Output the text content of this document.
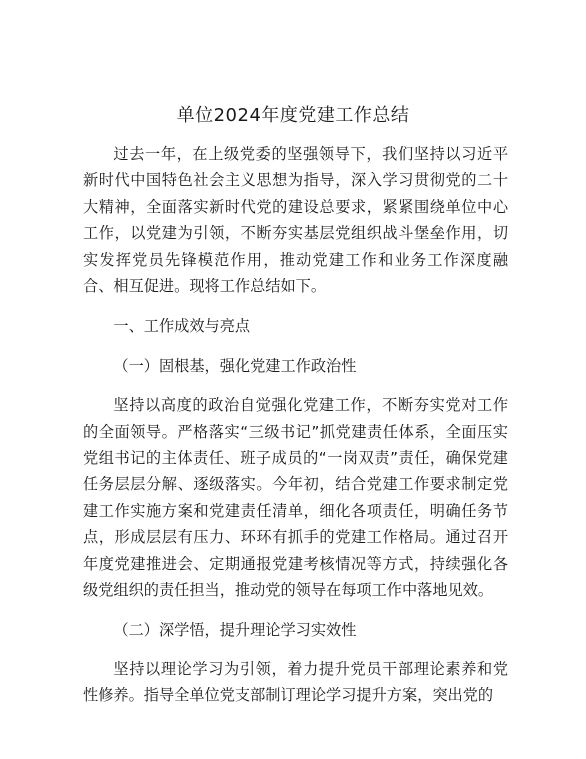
单位2024年度党建工作总结

过去一年，在上级党委的坚强领导下，我们坚持以习近平新时代中国特色社会主义思想为指导，深入学习贯彻党的二十大精神，全面落实新时代党的建设总要求，紧紧围绕单位中心工作，以党建为引领，不断夯实基层党组织战斗堡垒作用，切实发挥党员先锋模范作用，推动党建工作和业务工作深度融合、相互促进。现将工作总结如下。

一、工作成效与亮点
（一）固根基，强化党建工作政治性

坚持以高度的政治自觉强化党建工作，不断夯实党对工作的全面领导。严格落实“三级书记”抓党建责任体系，全面压实党组书记的主体责任、班子成员的“一岗双责”责任，确保党建任务层层分解、逐级落实。今年初，结合党建工作要求制定党建工作实施方案和党建责任清单，细化各项责任，明确任务节点，形成层层有压力、环环有抓手的党建工作格局。通过召开年度党建推进会、定期通报党建考核情况等方式，持续强化各级党组织的责任担当，推动党的领导在每项工作中落地见效。

（二）深学悟，提升理论学习实效性

坚持以理论学习为引领，着力提升党员干部理论素养和党性修养。指导全单位党支部制订理论学习提升方案，突出党的
